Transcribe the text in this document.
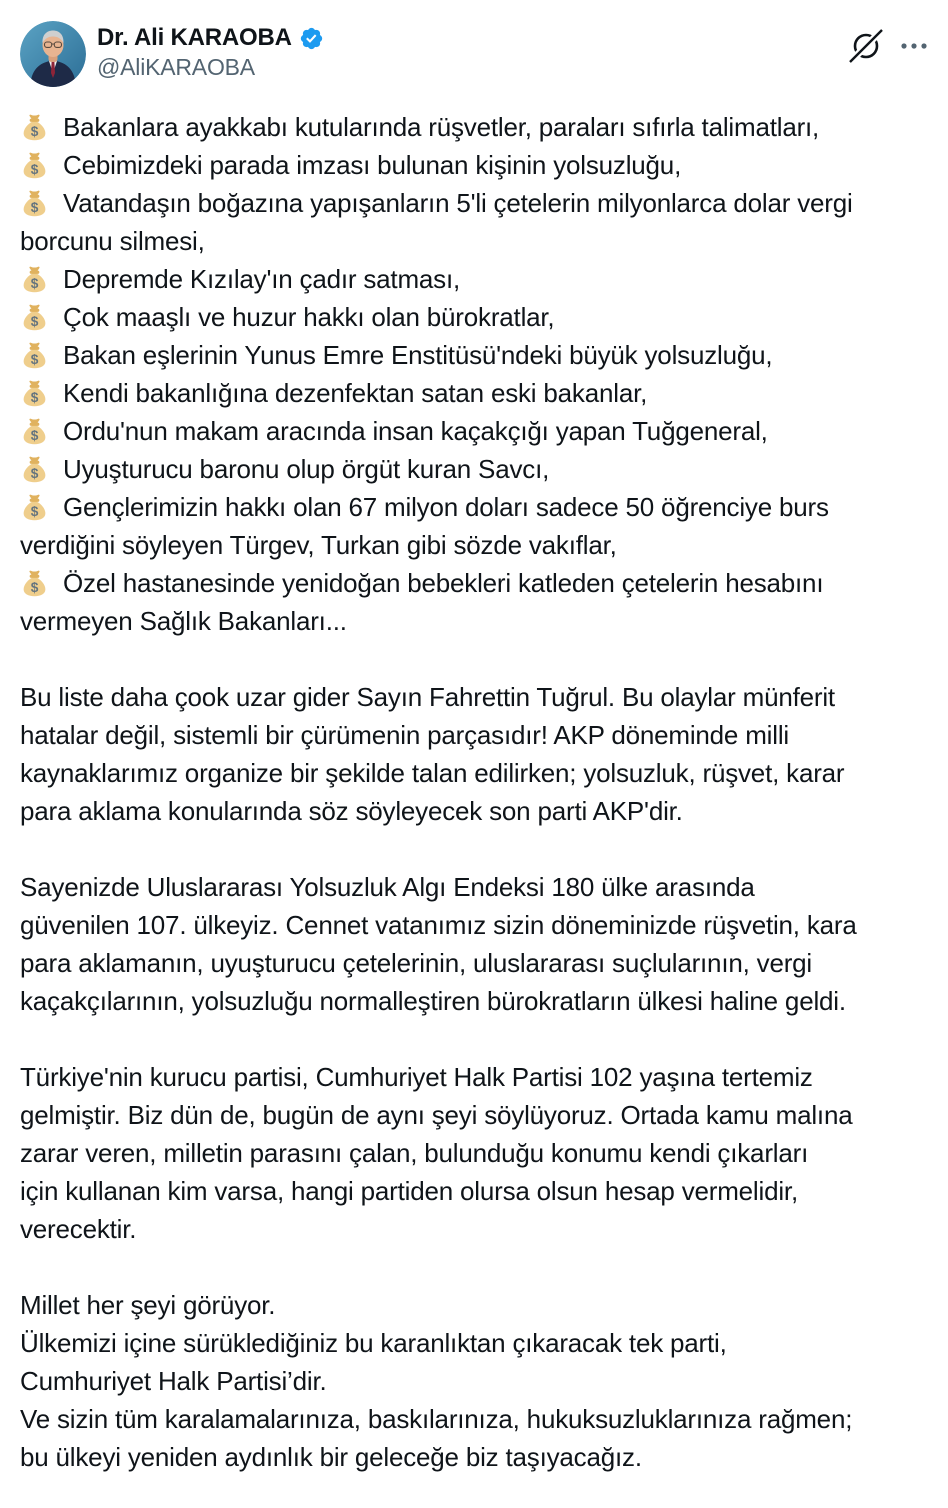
Dr. Ali KARAOBA
@AliKARAOBA
$ Bakanlara ayakkabı kutularında rüşvetler, paraları sıfırla talimatları,
$ Cebimizdeki parada imzası bulunan kişinin yolsuzluğu,
$ Vatandaşın boğazına yapışanların 5'li çetelerin milyonlarca dolar vergi
borcunu silmesi,
$ Depremde Kızılay'ın çadır satması,
$ Çok maaşlı ve huzur hakkı olan bürokratlar,
$ Bakan eşlerinin Yunus Emre Enstitüsü'ndeki büyük yolsuzluğu,
$ Kendi bakanlığına dezenfektan satan eski bakanlar,
$ Ordu'nun makam aracında insan kaçakçığı yapan Tuğgeneral,
$ Uyuşturucu baronu olup örgüt kuran Savcı,
$ Gençlerimizin hakkı olan 67 milyon doları sadece 50 öğrenciye burs
verdiğini söyleyen Türgev, Turkan gibi sözde vakıflar,
$ Özel hastanesinde yenidoğan bebekleri katleden çetelerin hesabını
vermeyen Sağlık Bakanları...
Bu liste daha çook uzar gider Sayın Fahrettin Tuğrul. Bu olaylar münferit
hatalar değil, sistemli bir çürümenin parçasıdır! AKP döneminde milli
kaynaklarımız organize bir şekilde talan edilirken; yolsuzluk, rüşvet, karar
para aklama konularında söz söyleyecek son parti AKP'dir.
Sayenizde Uluslararası Yolsuzluk Algı Endeksi 180 ülke arasında
güvenilen 107. ülkeyiz. Cennet vatanımız sizin döneminizde rüşvetin, kara
para aklamanın, uyuşturucu çetelerinin, uluslararası suçlularının, vergi
kaçakçılarının, yolsuzluğu normalleştiren bürokratların ülkesi haline geldi.
Türkiye'nin kurucu partisi, Cumhuriyet Halk Partisi 102 yaşına tertemiz
gelmiştir. Biz dün de, bugün de aynı şeyi söylüyoruz. Ortada kamu malına
zarar veren, milletin parasını çalan, bulunduğu konumu kendi çıkarları
için kullanan kim varsa, hangi partiden olursa olsun hesap vermelidir,
verecektir.
Millet her şeyi görüyor.
Ülkemizi içine sürüklediğiniz bu karanlıktan çıkaracak tek parti,
Cumhuriyet Halk Partisi’dir.
Ve sizin tüm karalamalarınıza, baskılarınıza, hukuksuzluklarınıza rağmen;
bu ülkeyi yeniden aydınlık bir geleceğe biz taşıyacağız.
